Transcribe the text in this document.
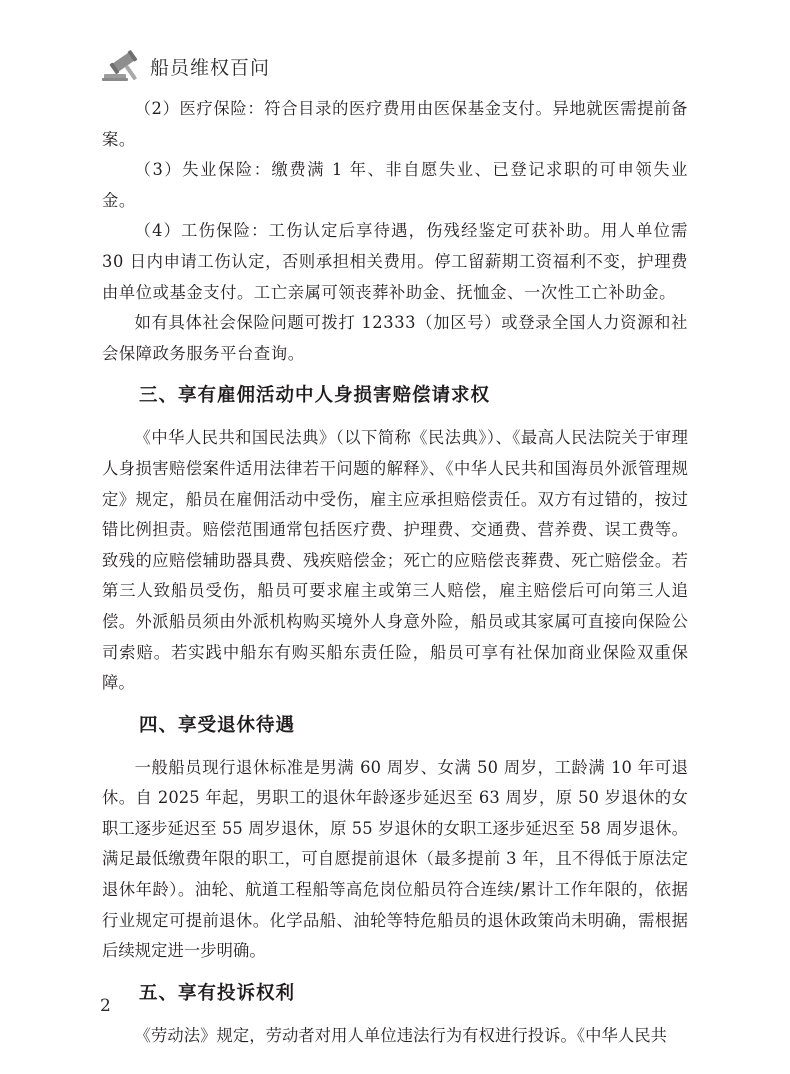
船员维权百问

（2）医疗保险：符合目录的医疗费用由医保基金支付。异地就医需提前备案。

（3）失业保险：缴费满 1 年、非自愿失业、已登记求职的可申领失业金。

（4）工伤保险：工伤认定后享待遇，伤残经鉴定可获补助。用人单位需 30 日内申请工伤认定，否则承担相关费用。停工留薪期工资福利不变，护理费由单位或基金支付。工亡亲属可领丧葬补助金、抚恤金、一次性工亡补助金。

如有具体社会保险问题可拨打 12333（加区号）或登录全国人力资源和社会保障政务服务平台查询。

三、享有雇佣活动中人身损害赔偿请求权

《中华人民共和国民法典》（以下简称《民法典》）、《最高人民法院关于审理人身损害赔偿案件适用法律若干问题的解释》、《中华人民共和国海员外派管理规定》规定，船员在雇佣活动中受伤，雇主应承担赔偿责任。双方有过错的，按过错比例担责。赔偿范围通常包括医疗费、护理费、交通费、营养费、误工费等。致残的应赔偿辅助器具费、残疾赔偿金；死亡的应赔偿丧葬费、死亡赔偿金。若第三人致船员受伤，船员可要求雇主或第三人赔偿，雇主赔偿后可向第三人追偿。外派船员须由外派机构购买境外人身意外险，船员或其家属可直接向保险公司索赔。若实践中船东有购买船东责任险，船员可享有社保加商业保险双重保障。

四、享受退休待遇

一般船员现行退休标准是男满 60 周岁、女满 50 周岁，工龄满 10 年可退休。自 2025 年起，男职工的退休年龄逐步延迟至 63 周岁，原 50 岁退休的女职工逐步延迟至 55 周岁退休，原 55 岁退休的女职工逐步延迟至 58 周岁退休。满足最低缴费年限的职工，可自愿提前退休（最多提前 3 年，且不得低于原法定退休年龄）。油轮、航道工程船等高危岗位船员符合连续/累计工作年限的，依据行业规定可提前退休。化学品船、油轮等特危船员的退休政策尚未明确，需根据后续规定进一步明确。

五、享有投诉权利

《劳动法》规定，劳动者对用人单位违法行为有权进行投诉。《中华人民共

2
